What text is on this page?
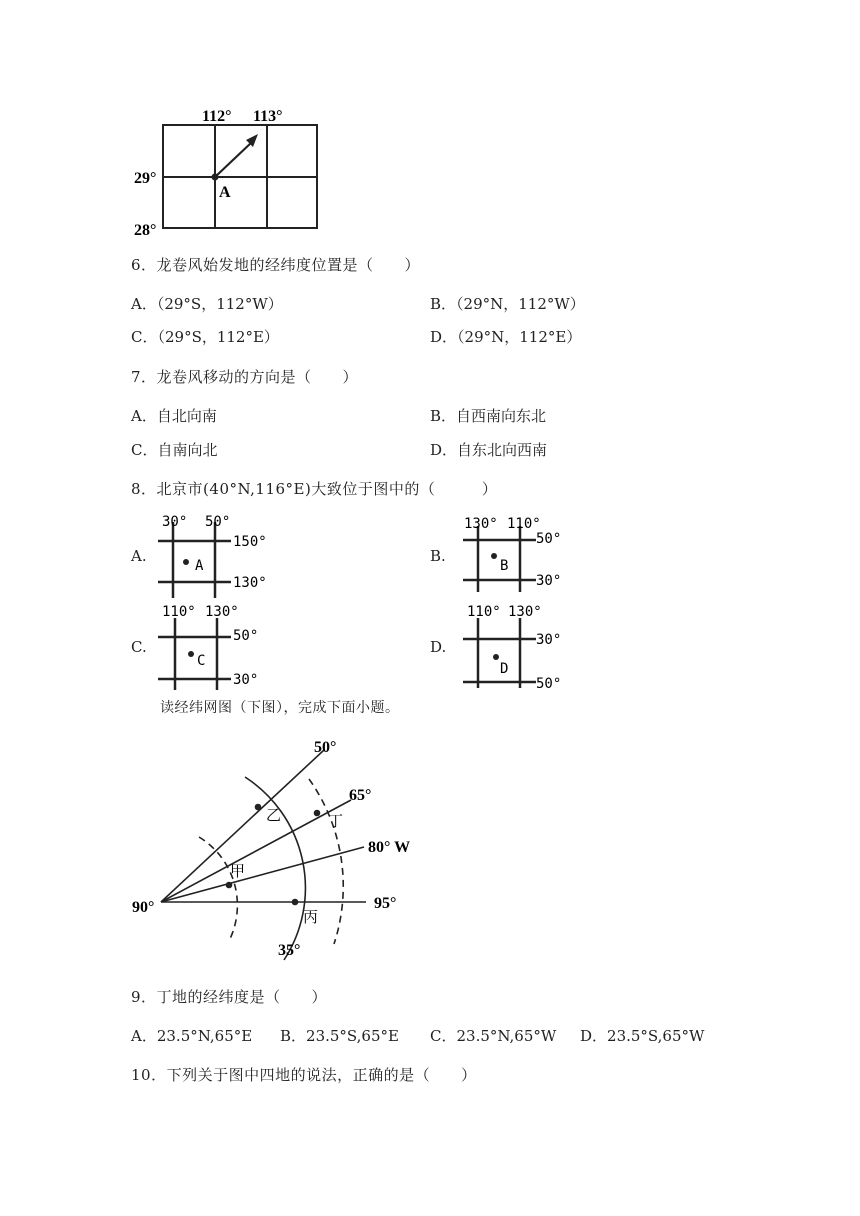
112° 113°
29°
28°
A
6．龙卷风始发地的经纬度位置是（　　）
A．（29°S，112°W）	B．（29°N，112°W）
C．（29°S，112°E）	D．（29°N，112°E）
7．龙卷风移动的方向是（　　）
A．自北向南	B．自西南向东北
C．自南向北	D．自东北向西南
8．北京市(40°N,116°E)大致位于图中的（　　　）
A.
30° 50°
150°
130°
A
B.
130° 110°
50°
30°
B
C.
110° 130°
50°
30°
C
D.
110° 130°
30°
50°
D
读经纬网图（下图），完成下面小题。
50°
65°
80° W
95°
90°
35°
甲
乙
丙
丁
9．丁地的经纬度是（　　）
A．23.5°N,65°E B．23.5°S,65°E C．23.5°N,65°W D．23.5°S,65°W
10．下列关于图中四地的说法，正确的是（　　）
